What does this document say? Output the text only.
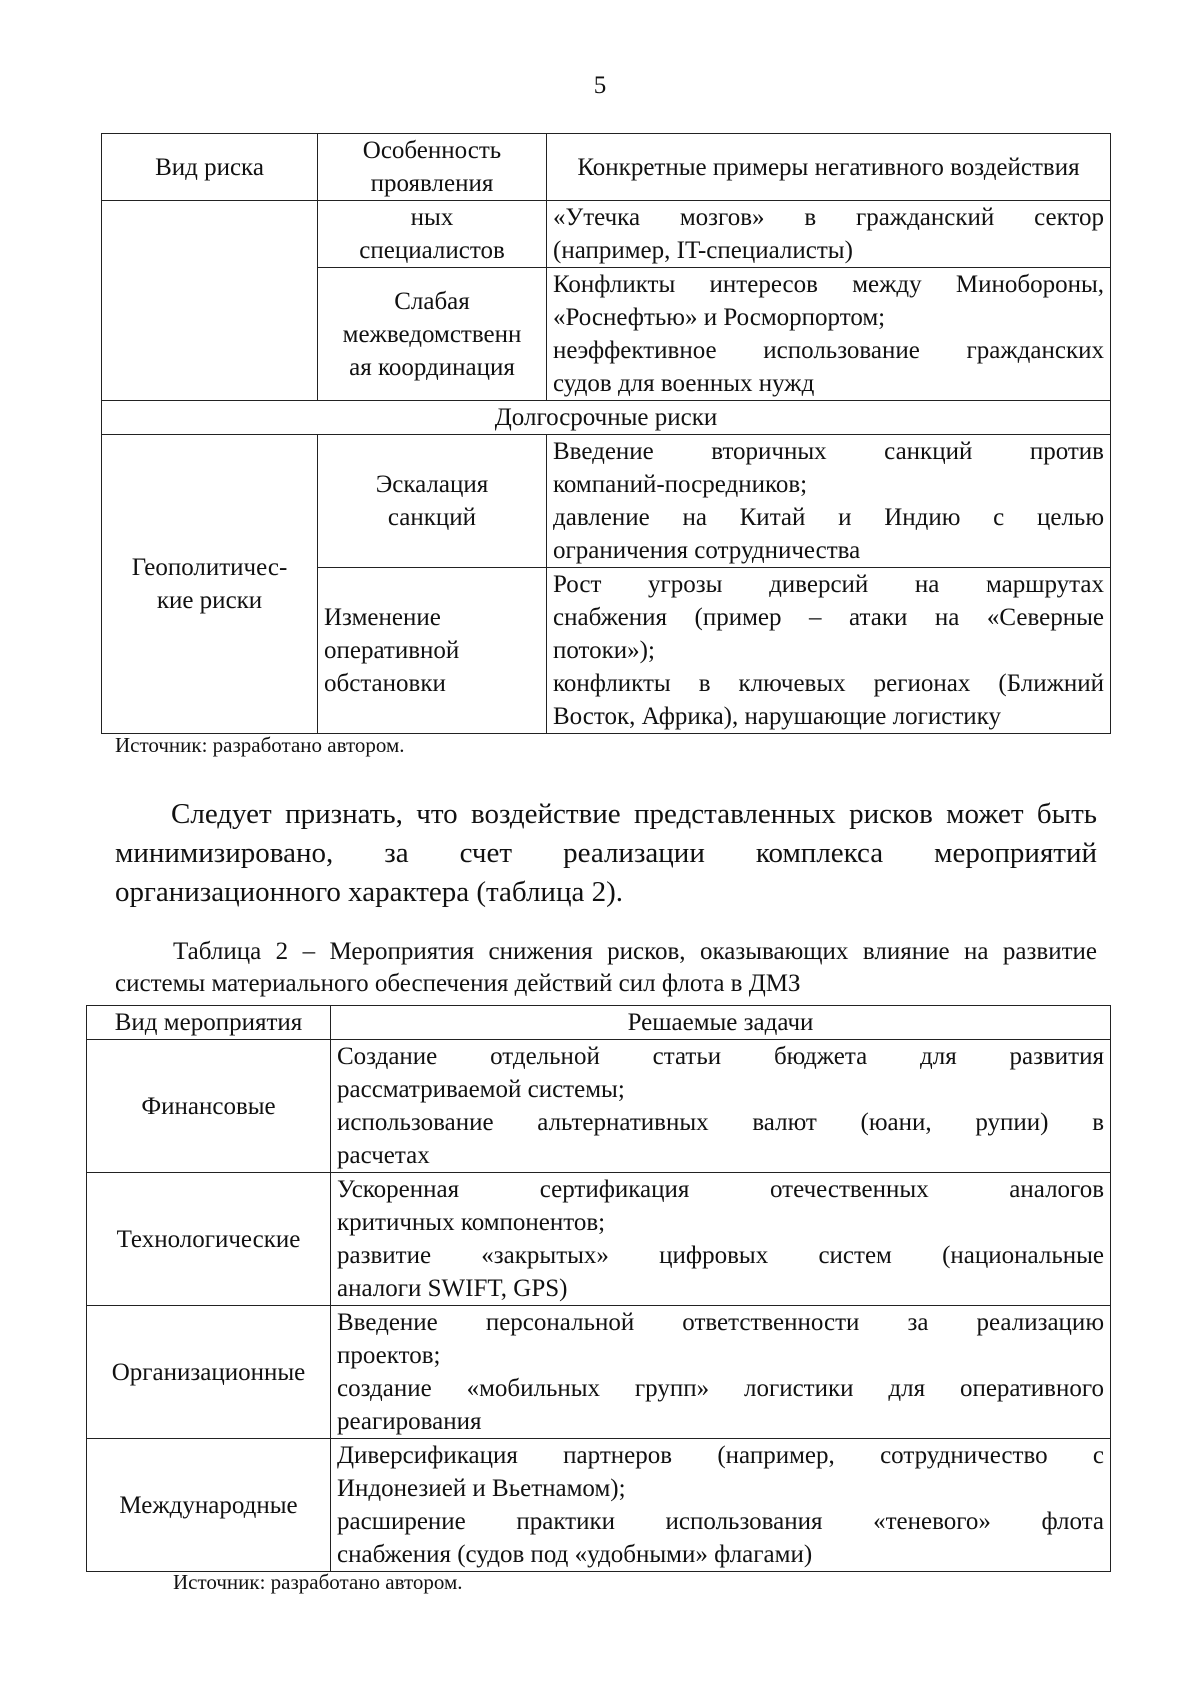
5
Вид риска	Особенность проявления	Конкретные примеры негативного воздействия

	ных
специалистов	«Утечка мозгов» в гражданский сектор
(например, IT-специалисты)

	Слабая
межведомственн
ая координация	Конфликты интересов между Минобороны,
«Роснефтью» и Росморпортом;
неэффективное использование гражданских
судов для военных нужд

Долгосрочные риски		

Геополитичес-
кие риски	Эскалация
санкций	Введение вторичных санкций против
компаний-посредников;
давление на Китай и Индию с целью
ограничения сотрудничества

	Изменение
оперативной
обстановки	Рост угрозы диверсий на маршрутах
снабжения (пример – атаки на «Северные
потоки»);
конфликты в ключевых регионах (Ближний
Восток, Африка), нарушающие логистику
Источник: разработано автором.
Следует признать, что воздействие представленных рисков может быть минимизировано, за счет реализации комплекса мероприятий организационного характера (таблица 2).
Таблица 2 – Мероприятия снижения рисков, оказывающих влияние на развитие системы материального обеспечения действий сил флота в ДМЗ
Вид мероприятия	Решаемые задачи
Финансовые	Создание отдельной статьи бюджета для развития
рассматриваемой системы;
использование альтернативных валют (юани, рупии) в
расчетах

Технологические	Ускоренная сертификация отечественных аналогов
критичных компонентов;
развитие «закрытых» цифровых систем (национальные
аналоги SWIFT, GPS)

Организационные	Введение персональной ответственности за реализацию
проектов;
создание «мобильных групп» логистики для оперативного
реагирования

Международные	Диверсификация партнеров (например, сотрудничество с
Индонезией и Вьетнамом);
расширение практики использования «теневого» флота
снабжения (судов под «удобными» флагами)
Источник: разработано автором.
